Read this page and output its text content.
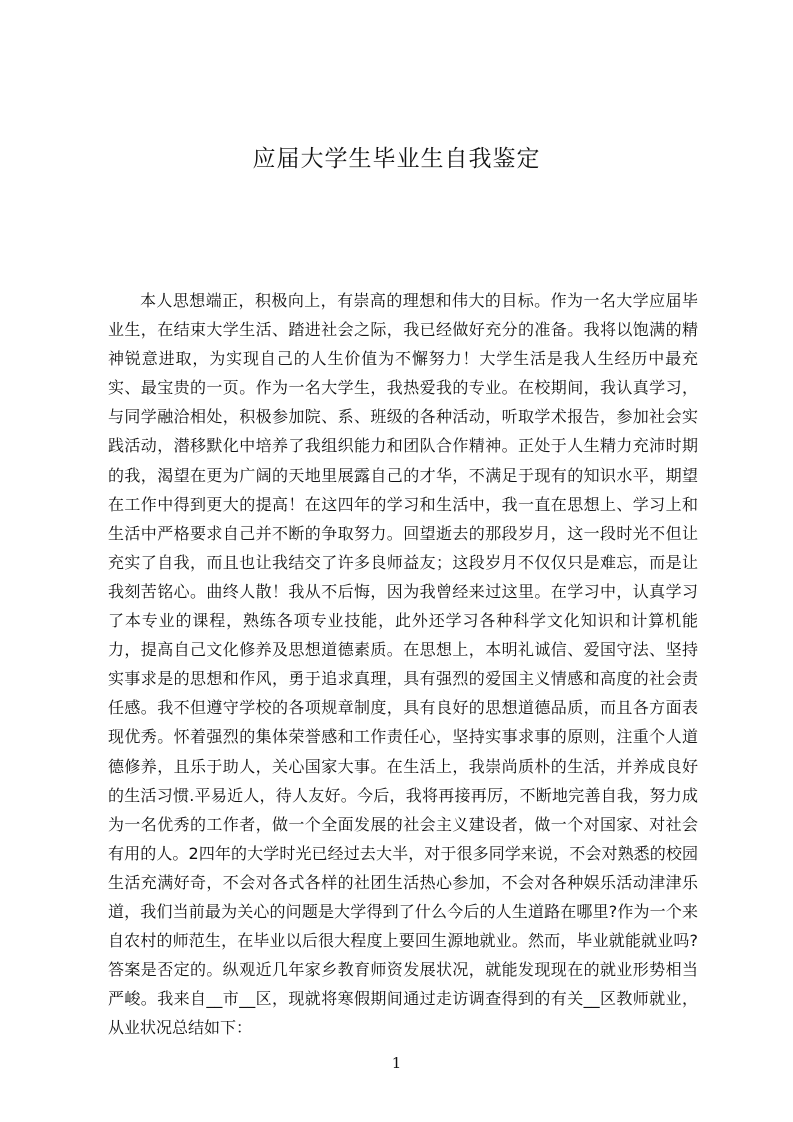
应届大学生毕业生自我鉴定

本人思想端正，积极向上，有崇高的理想和伟大的目标。作为一名大学应届毕业生，在结束大学生活、踏进社会之际，我已经做好充分的准备。我将以饱满的精神锐意进取，为实现自己的人生价值为不懈努力！大学生活是我人生经历中最充实、最宝贵的一页。作为一名大学生，我热爱我的专业。在校期间，我认真学习，与同学融洽相处，积极参加院、系、班级的各种活动，听取学术报告，参加社会实践活动，潜移默化中培养了我组织能力和团队合作精神。正处于人生精力充沛时期的我，渴望在更为广阔的天地里展露自己的才华，不满足于现有的知识水平，期望在工作中得到更大的提高！在这四年的学习和生活中，我一直在思想上、学习上和生活中严格要求自己并不断的争取努力。回望逝去的那段岁月，这一段时光不但让充实了自我，而且也让我结交了许多良师益友；这段岁月不仅仅只是难忘，而是让我刻苦铭心。曲终人散！我从不后悔，因为我曾经来过这里。在学习中，认真学习了本专业的课程，熟练各项专业技能，此外还学习各种科学文化知识和计算机能力，提高自己文化修养及思想道德素质。在思想上，本明礼诚信、爱国守法、坚持实事求是的思想和作风，勇于追求真理，具有强烈的爱国主义情感和高度的社会责任感。我不但遵守学校的各项规章制度，具有良好的思想道德品质，而且各方面表现优秀。怀着强烈的集体荣誉感和工作责任心，坚持实事求事的原则，注重个人道德修养，且乐于助人，关心国家大事。在生活上，我崇尚质朴的生活，并养成良好的生活习惯.平易近人，待人友好。今后，我将再接再厉，不断地完善自我，努力成为一名优秀的工作者，做一个全面发展的社会主义建设者，做一个对国家、对社会有用的人。2四年的大学时光已经过去大半，对于很多同学来说，不会对熟悉的校园生活充满好奇，不会对各式各样的社团生活热心参加，不会对各种娱乐活动津津乐道，我们当前最为关心的问题是大学得到了什么今后的人生道路在哪里?作为一个来自农村的师范生，在毕业以后很大程度上要回生源地就业。然而，毕业就能就业吗?答案是否定的。纵观近几年家乡教育师资发展状况，就能发现现在的就业形势相当严峻。我来自__市__区，现就将寒假期间通过走访调查得到的有关__区教师就业，从业状况总结如下：

1
